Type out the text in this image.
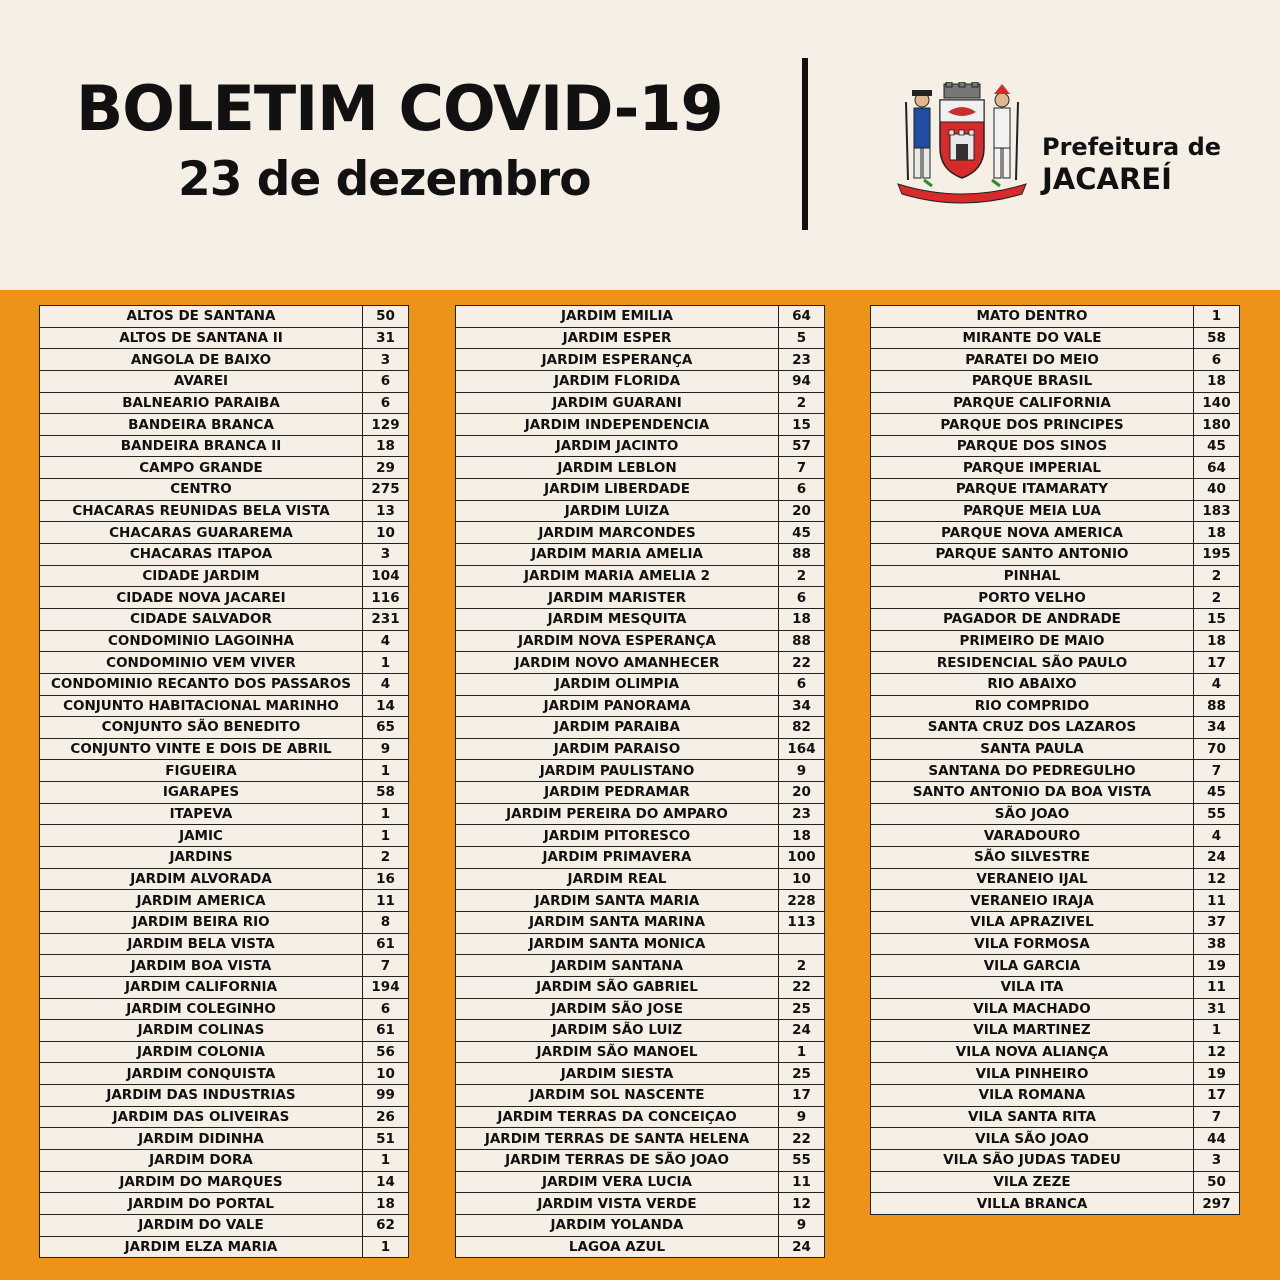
BOLETIM COVID-19
23 de dezembro
Prefeitura de
JACAREÍ
ALTOS DE SANTANA	50
ALTOS DE SANTANA II	31
ANGOLA DE BAIXO	3
AVAREI	6
BALNEARIO PARAIBA	6
BANDEIRA BRANCA	129
BANDEIRA BRANCA II	18
CAMPO GRANDE	29
CENTRO	275
CHACARAS REUNIDAS BELA VISTA	13
CHACARAS GUARAREMA	10
CHACARAS ITAPOA	3
CIDADE JARDIM	104
CIDADE NOVA JACAREI	116
CIDADE SALVADOR	231
CONDOMINIO LAGOINHA	4
CONDOMINIO VEM VIVER	1
CONDOMINIO RECANTO DOS PASSAROS	4
CONJUNTO HABITACIONAL MARINHO	14
CONJUNTO SÃO BENEDITO	65
CONJUNTO VINTE E DOIS DE ABRIL	9
FIGUEIRA	1
IGARAPES	58
ITAPEVA	1
JAMIC	1
JARDINS	2
JARDIM ALVORADA	16
JARDIM AMERICA	11
JARDIM BEIRA RIO	8
JARDIM BELA VISTA	61
JARDIM BOA VISTA	7
JARDIM CALIFORNIA	194
JARDIM COLEGINHO	6
JARDIM COLINAS	61
JARDIM COLONIA	56
JARDIM CONQUISTA	10
JARDIM DAS INDUSTRIAS	99
JARDIM DAS OLIVEIRAS	26
JARDIM DIDINHA	51
JARDIM DORA	1
JARDIM DO MARQUES	14
JARDIM DO PORTAL	18
JARDIM DO VALE	62
JARDIM ELZA MARIA	1
JARDIM EMILIA	64
JARDIM ESPER	5
JARDIM ESPERANÇA	23
JARDIM FLORIDA	94
JARDIM GUARANI	2
JARDIM INDEPENDENCIA	15
JARDIM JACINTO	57
JARDIM LEBLON	7
JARDIM LIBERDADE	6
JARDIM LUIZA	20
JARDIM MARCONDES	45
JARDIM MARIA AMELIA	88
JARDIM MARIA AMELIA 2	2
JARDIM MARISTER	6
JARDIM MESQUITA	18
JARDIM NOVA ESPERANÇA	88
JARDIM NOVO AMANHECER	22
JARDIM OLIMPIA	6
JARDIM PANORAMA	34
JARDIM PARAIBA	82
JARDIM PARAISO	164
JARDIM PAULISTANO	9
JARDIM PEDRAMAR	20
JARDIM PEREIRA DO AMPARO	23
JARDIM PITORESCO	18
JARDIM PRIMAVERA	100
JARDIM REAL	10
JARDIM SANTA MARIA	228
JARDIM SANTA MARINA	113
JARDIM SANTA MONICA	
JARDIM SANTANA	2
JARDIM SÃO GABRIEL	22
JARDIM SÃO JOSE	25
JARDIM SÃO LUIZ	24
JARDIM SÃO MANOEL	1
JARDIM SIESTA	25
JARDIM SOL NASCENTE	17
JARDIM TERRAS DA CONCEIÇAO	9
JARDIM TERRAS DE SANTA HELENA	22
JARDIM TERRAS DE SÃO JOAO	55
JARDIM VERA LUCIA	11
JARDIM VISTA VERDE	12
JARDIM YOLANDA	9
LAGOA AZUL	24
MATO DENTRO	1
MIRANTE DO VALE	58
PARATEI DO MEIO	6
PARQUE BRASIL	18
PARQUE CALIFORNIA	140
PARQUE DOS PRINCIPES	180
PARQUE DOS SINOS	45
PARQUE IMPERIAL	64
PARQUE ITAMARATY	40
PARQUE MEIA LUA	183
PARQUE NOVA AMERICA	18
PARQUE SANTO ANTONIO	195
PINHAL	2
PORTO VELHO	2
PAGADOR DE ANDRADE	15
PRIMEIRO DE MAIO	18
RESIDENCIAL SÃO PAULO	17
RIO ABAIXO	4
RIO COMPRIDO	88
SANTA CRUZ DOS LAZAROS	34
SANTA PAULA	70
SANTANA DO PEDREGULHO	7
SANTO ANTONIO DA BOA VISTA	45
SÃO JOAO	55
VARADOURO	4
SÃO SILVESTRE	24
VERANEIO IJAL	12
VERANEIO IRAJA	11
VILA APRAZIVEL	37
VILA FORMOSA	38
VILA GARCIA	19
VILA ITA	11
VILA MACHADO	31
VILA MARTINEZ	1
VILA NOVA ALIANÇA	12
VILA PINHEIRO	19
VILA ROMANA	17
VILA SANTA RITA	7
VILA SÃO JOAO	44
VILA SÃO JUDAS TADEU	3
VILA ZEZE	50
VILLA BRANCA	297
